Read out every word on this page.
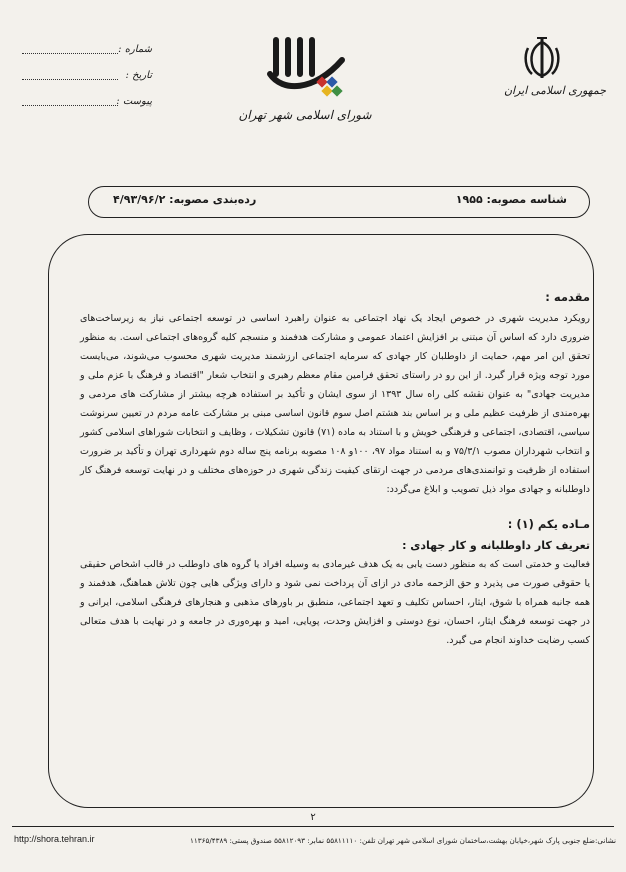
جمهوری اسلامی ایران
شورای اسلامی شهر تهران
شماره :
تاریخ :
پیوست :
شناسه مصوبه: ۱۹۵۵
رده‌بندی مصوبه: ۴/۹۳/۹۶/۲
مقدمه :

رویکرد مدیریت شهری در خصوص ایجاد یک نهاد اجتماعی به عنوان راهبرد اساسی در توسعه اجتماعی نیاز به زیرساخت‌های ضروری دارد که اساس آن مبتنی بر افزایش اعتماد عمومی و مشارکت هدفمند و منسجم کلیه گروه‌های اجتماعی است. به منظور تحقق این امر مهم، حمایت از داوطلبان کار جهادی که سرمایه اجتماعی ارزشمند مدیریت شهری محسوب می‌شوند، می‌بایست مورد توجه ویژه قرار گیرد. از این رو در راستای تحقق فرامین مقام معظم رهبری و انتخاب شعار "اقتصاد و فرهنگ با عزم ملی و مدیریت جهادی" به عنوان نقشه کلی راه سال ۱۳۹۳ از سوی ایشان و تأکید بر استفاده هرچه بیشتر از مشارکت های مردمی و بهره‌مندی از ظرفیت عظیم ملی و بر اساس بند هشتم اصل سوم قانون اساسی مبنی بر مشارکت عامه مردم در تعیین سرنوشت سیاسی، اقتصادی، اجتماعی و فرهنگی خویش و با استناد به ماده (۷۱) قانون تشکیلات ، وظایف و انتخابات شوراهای اسلامی کشور و انتخاب شهرداران مصوب ۷۵/۳/۱ و به استناد مواد ۹۷، ۱۰۰و ۱۰۸ مصوبه برنامه پنج ساله دوم شهرداری تهران و تأکید بر ضرورت استفاده از ظرفیت و توانمندی‌های مردمی در جهت ارتقای کیفیت زندگی شهری در حوزه‌های مختلف و در نهایت توسعه فرهنگ کار داوطلبانه و جهادی مواد ذیل تصویب و ابلاغ می‌گردد:

مـاده یکم (۱) :
تعریف کار داوطلبانه و کار جهادی :

فعالیت و خدمتی است که به منظور دست یابی به یک هدف غیرمادی به وسیله افراد یا گروه های داوطلب در قالب اشخاص حقیقی یا حقوقی صورت می پذیرد و حق الزحمه مادی در ازای آن پرداخت نمی شود و دارای ویژگی هایی چون تلاش هماهنگ، هدفمند و همه جانبه همراه با شوق، ایثار، احساس تکلیف و تعهد اجتماعی، منطبق بر باورهای مذهبی و هنجارهای فرهنگی اسلامی، ایرانی و در جهت توسعه فرهنگ ایثار، احسان، نوع دوستی و افزایش وحدت، پویایی، امید و بهره‌وری در جامعه و در نهایت با هدف متعالی کسب رضایت خداوند انجام می گیرد.

۲
نشانی:ضلع جنوبی پارک شهر،خیابان بهشت،ساختمان شورای اسلامی شهر تهران تلفن: ۵۵۸۱۱۱۱۰ نمابر: ۵۵۸۱۲۰۹۳ صندوق پستی: ۱۱۳۶۵/۴۳۸۹
http://shora.tehran.ir
